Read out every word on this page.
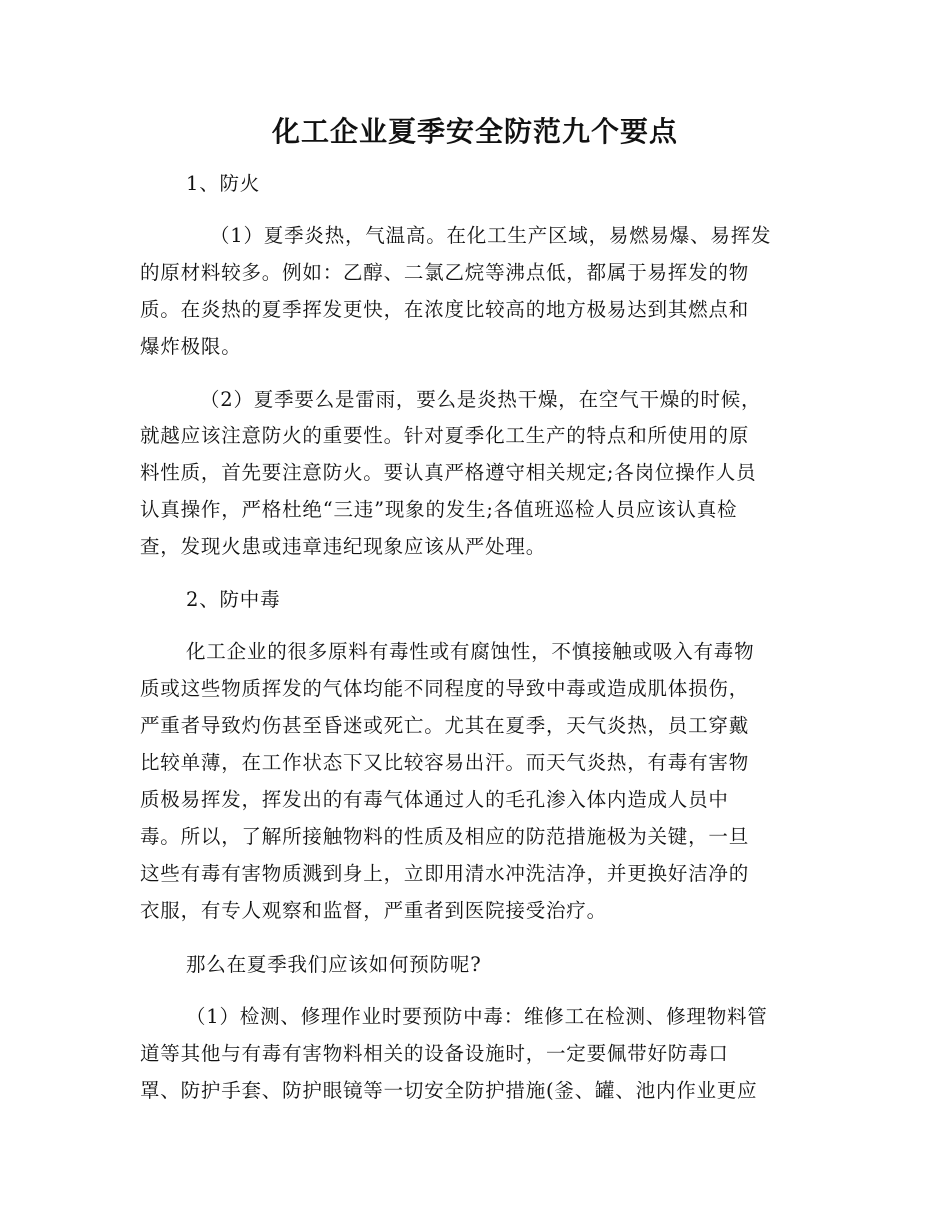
化工企业夏季安全防范九个要点
1、防火
（1）夏季炎热，气温高。在化工生产区域，易燃易爆、易挥发
的原材料较多。例如：乙醇、二氯乙烷等沸点低，都属于易挥发的物
质。在炎热的夏季挥发更快，在浓度比较高的地方极易达到其燃点和
爆炸极限。
（2）夏季要么是雷雨，要么是炎热干燥，在空气干燥的时候，
就越应该注意防火的重要性。针对夏季化工生产的特点和所使用的原
料性质，首先要注意防火。要认真严格遵守相关规定;各岗位操作人员
认真操作，严格杜绝“三违”现象的发生;各值班巡检人员应该认真检
查，发现火患或违章违纪现象应该从严处理。
2、防中毒
化工企业的很多原料有毒性或有腐蚀性，不慎接触或吸入有毒物
质或这些物质挥发的气体均能不同程度的导致中毒或造成肌体损伤，
严重者导致灼伤甚至昏迷或死亡。尤其在夏季，天气炎热，员工穿戴
比较单薄，在工作状态下又比较容易出汗。而天气炎热，有毒有害物
质极易挥发，挥发出的有毒气体通过人的毛孔渗入体内造成人员中
毒。所以，了解所接触物料的性质及相应的防范措施极为关键，一旦
这些有毒有害物质溅到身上，立即用清水冲洗洁净，并更换好洁净的
衣服，有专人观察和监督，严重者到医院接受治疗。
那么在夏季我们应该如何预防呢?
（1）检测、修理作业时要预防中毒：维修工在检测、修理物料管
道等其他与有毒有害物料相关的设备设施时，一定要佩带好防毒口
罩、防护手套、防护眼镜等一切安全防护措施(釜、罐、池内作业更应
